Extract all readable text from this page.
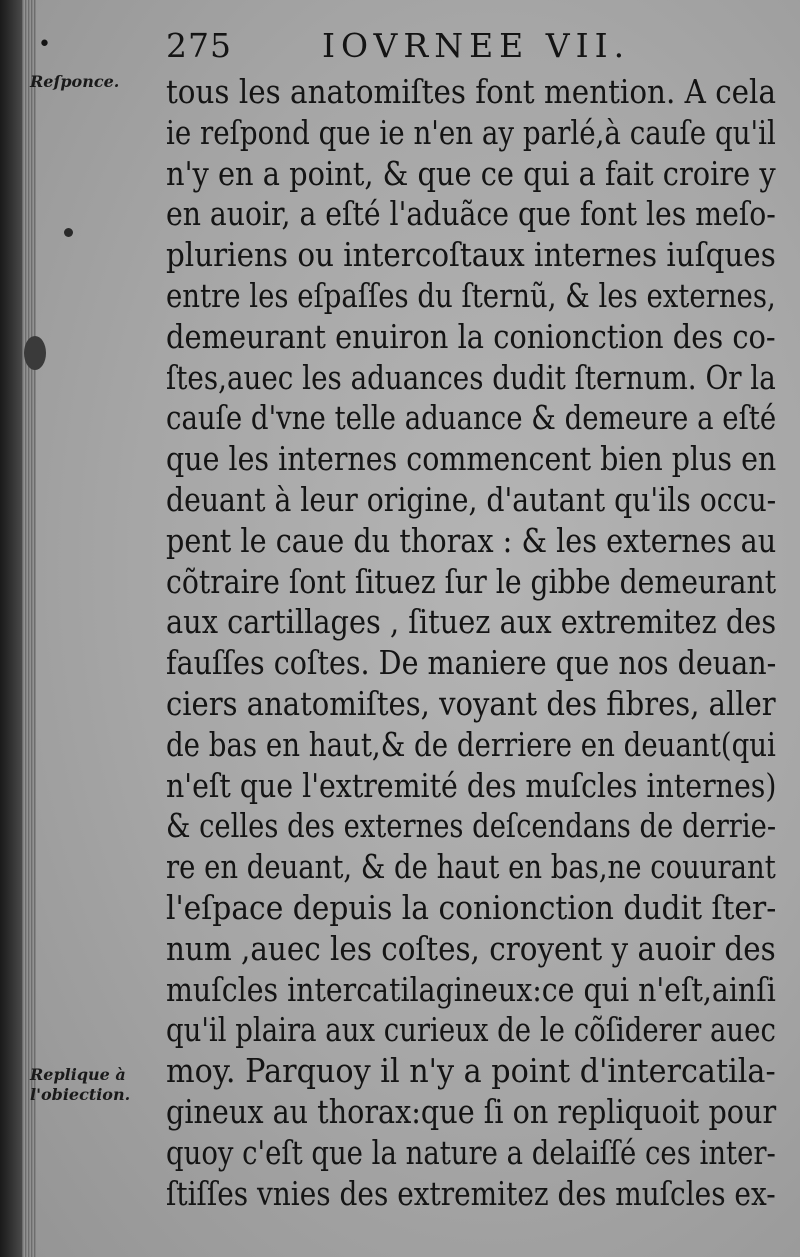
•	275	IOVRNEE VII.
Reſponce.
Replique à l'obiection.
tous les anatomiſtes font mention. A cela
ie reſpond que ie n'en ay parlé,à cauſe qu'il
n'y en a point, & que ce qui a fait croire y
en auoir, a eſté l'aduãce que font les meſo-
pluriens ou intercoſtaux internes iuſques
entre les eſpaſſes du ſternũ, & les externes,
demeurant enuiron la conionction des co-
ſtes,auec les aduances dudit ſternum. Or la
cauſe d'vne telle aduance & demeure a eſté
que les internes commencent bien plus en
deuant à leur origine, d'autant qu'ils occu-
pent le caue du thorax : & les externes au
cõtraire ſont ſituez ſur le gibbe demeurant
aux cartillages , ſituez aux extremitez des
fauſſes coſtes. De maniere que nos deuan-
ciers anatomiſtes, voyant des fibres, aller
de bas en haut,& de derriere en deuant(qui
n'eſt que l'extremité des muſcles internes)
& celles des externes deſcendans de derrie-
re en deuant, & de haut en bas,ne couurant
l'eſpace depuis la conionction dudit ſter-
num ,auec les coſtes, croyent y auoir des
muſcles intercatilagineux:ce qui n'eſt,ainſi
qu'il plaira aux curieux de le cõſiderer auec
moy. Parquoy il n'y a point d'intercatila-
gineux au thorax:que ſi on repliquoit pour
quoy c'eſt que la nature a delaiſſé ces inter-
ſtiſſes vnies des extremitez des muſcles ex-
